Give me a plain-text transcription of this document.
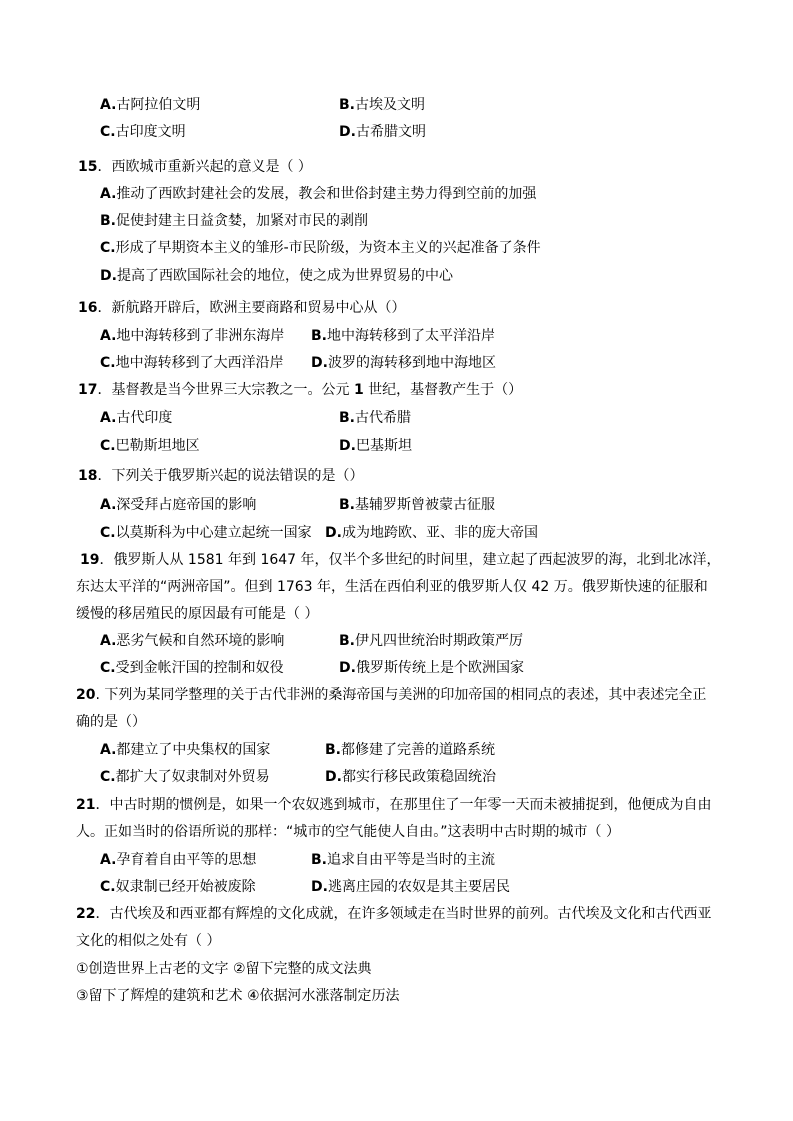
A.古阿拉伯文明	B.古埃及文明
C.古印度文明	D.古希腊文明
15．西欧城市重新兴起的意义是（ ）
A.推动了西欧封建社会的发展，教会和世俗封建主势力得到空前的加强
B.促使封建主日益贪婪，加紧对市民的剥削
C.形成了早期资本主义的雏形-市民阶级，为资本主义的兴起准备了条件
D.提高了西欧国际社会的地位，使之成为世界贸易的中心
16．新航路开辟后，欧洲主要商路和贸易中心从（）
A.地中海转移到了非洲东海岸 B.地中海转移到了太平洋沿岸
C.地中海转移到了大西洋沿岸 D.波罗的海转移到地中海地区
17．基督教是当今世界三大宗教之一。公元 1 世纪，基督教产生于（）
A.古代印度	B.古代希腊
C.巴勒斯坦地区	D.巴基斯坦
18．下列关于俄罗斯兴起的说法错误的是（）
A.深受拜占庭帝国的影响	B.基辅罗斯曾被蒙古征服
C.以莫斯科为中心建立起统一国家 D.成为地跨欧、亚、非的庞大帝国
19．俄罗斯人从 1581 年到 1647 年，仅半个多世纪的时间里，建立起了西起波罗的海，北到北冰洋，
东达太平洋的“两洲帝国”。但到 1763 年，生活在西伯利亚的俄罗斯人仅 42 万。俄罗斯快速的征服和
缓慢的移居殖民的原因最有可能是（ ）
A.恶劣气候和自然环境的影响	B.伊凡四世统治时期政策严厉
C.受到金帐汗国的控制和奴役	D.俄罗斯传统上是个欧洲国家
20. 下列为某同学整理的关于古代非洲的桑海帝国与美洲的印加帝国的相同点的表述，其中表述完全正
确的是（）
A.都建立了中央集权的国家	B.都修建了完善的道路系统
C.都扩大了奴隶制对外贸易	D.都实行移民政策稳固统治
21．中古时期的惯例是，如果一个农奴逃到城市，在那里住了一年零一天而未被捕捉到，他便成为自由
人。正如当时的俗语所说的那样：“城市的空气能使人自由。”这表明中古时期的城市（ ）
A.孕育着自由平等的思想	B.追求自由平等是当时的主流
C.奴隶制已经开始被废除	D.逃离庄园的农奴是其主要居民
22．古代埃及和西亚都有辉煌的文化成就，在许多领域走在当时世界的前列。古代埃及文化和古代西亚
文化的相似之处有（ ）
①创造世界上古老的文字 ②留下完整的成文法典
③留下了辉煌的建筑和艺术 ④依据河水涨落制定历法
